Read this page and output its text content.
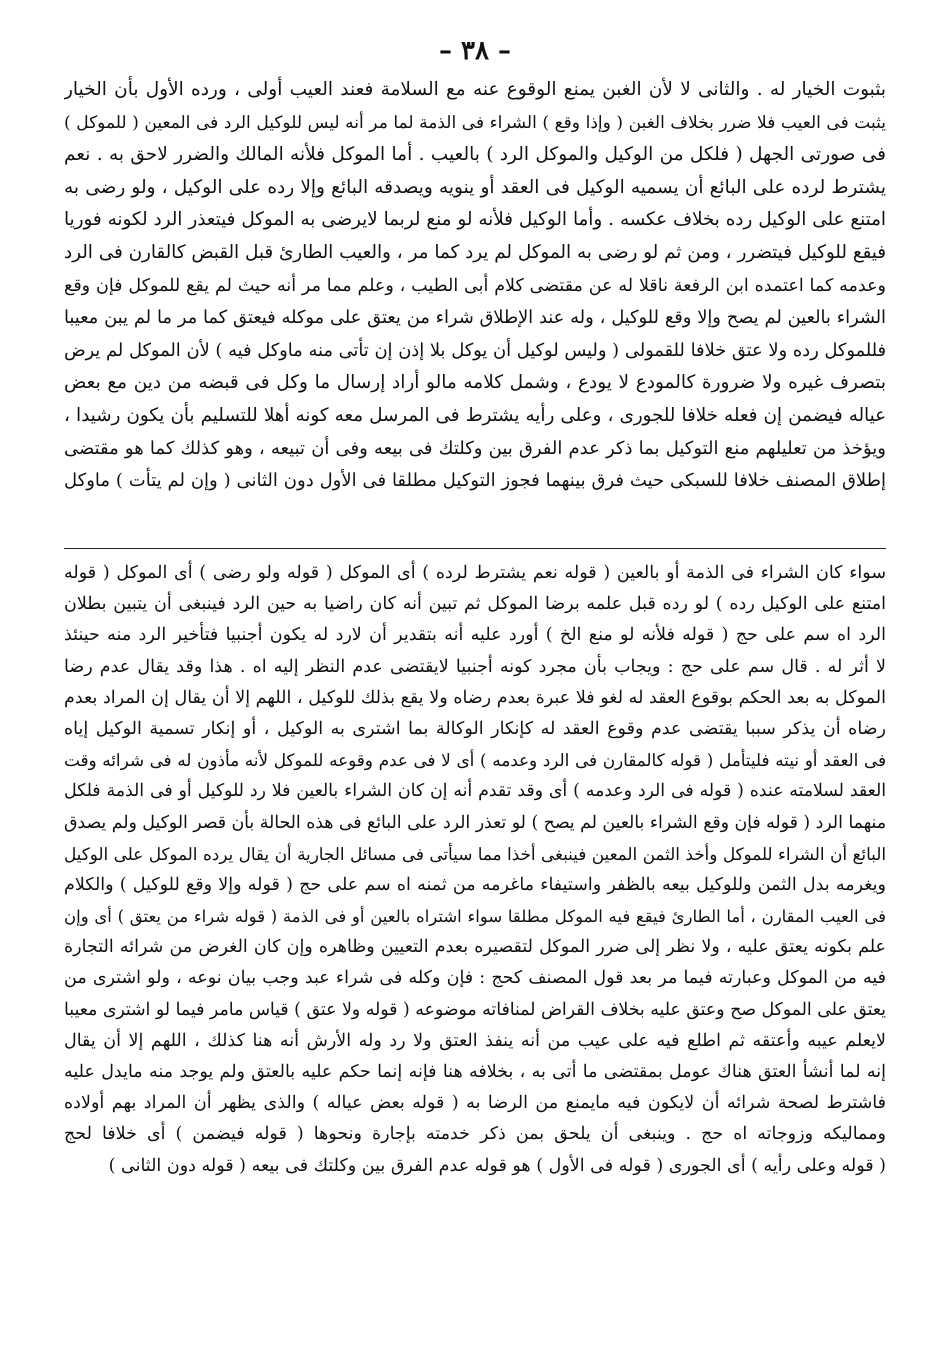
– ٣٨ –
بثبوت الخيار له . والثانى لا لأن الغبن يمنع الوقوع عنه مع السلامة فعند العيب أولى ، ورده الأول بأن الخيار
يثبت فى العيب فلا ضرر بخلاف الغبن ( وإذا وقع ) الشراء فى الذمة لما مر أنه ليس للوكيل الرد فى المعين ( للموكل )
فى صورتى الجهل ( فلكل من الوكيل والموكل الرد ) بالعيب . أما الموكل فلأنه المالك والضرر لاحق به . نعم
يشترط لرده على البائع أن يسميه الوكيل فى العقد أو ينويه ويصدقه البائع وإلا رده على الوكيل ، ولو رضى به
امتنع على الوكيل رده بخلاف عكسه . وأما الوكيل فلأنه لو منع لربما لايرضى به الموكل فيتعذر الرد لكونه فوريا
فيقع للوكيل فيتضرر ، ومن ثم لو رضى به الموكل لم يرد كما مر ، والعيب الطارئ قبل القبض كالقارن فى الرد
وعدمه كما اعتمده ابن الرفعة ناقلا له عن مقتضى كلام أبى الطيب ، وعلم مما مر أنه حيث لم يقع للموكل فإن وقع
الشراء بالعين لم يصح وإلا وقع للوكيل ، وله عند الإطلاق شراء من يعتق على موكله فيعتق كما مر ما لم يبن معيبا
فللموكل رده ولا عتق خلافا للقمولى ( وليس لوكيل أن يوكل بلا إذن إن تأتى منه ماوكل فيه ) لأن الموكل لم يرض
بتصرف غيره ولا ضرورة كالمودع لا يودع ، وشمل كلامه مالو أراد إرسال ما وكل فى قبضه من دين مع بعض
عياله فيضمن إن فعله خلافا للجورى ، وعلى رأيه يشترط فى المرسل معه كونه أهلا للتسليم بأن يكون رشيدا ،
ويؤخذ من تعليلهم منع التوكيل بما ذكر عدم الفرق بين وكلتك فى بيعه وفى أن تبيعه ، وهو كذلك كما هو مقتضى
إطلاق المصنف خلافا للسبكى حيث فرق بينهما فجوز التوكيل مطلقا فى الأول دون الثانى ( وإن لم يتأت ) ماوكل
سواء كان الشراء فى الذمة أو بالعين ( قوله نعم يشترط لرده ) أى الموكل ( قوله ولو رضى ) أى الموكل ( قوله
امتنع على الوكيل رده ) لو رده قبل علمه برضا الموكل ثم تبين أنه كان راضيا به حين الرد فينبغى أن يتبين بطلان
الرد اه سم على حج ( قوله فلأنه لو منع الخ ) أورد عليه أنه بتقدير أن لارد له يكون أجنبيا فتأخير الرد منه حينئذ
لا أثر له . قال سم على حج : ويجاب بأن مجرد كونه أجنبيا لايقتضى عدم النظر إليه اه . هذا وقد يقال عدم رضا
الموكل به بعد الحكم بوقوع العقد له لغو فلا عبرة بعدم رضاه ولا يقع بذلك للوكيل ، اللهم إلا أن يقال إن المراد بعدم
رضاه أن يذكر سببا يقتضى عدم وقوع العقد له كإنكار الوكالة بما اشترى به الوكيل ، أو إنكار تسمية الوكيل إياه
فى العقد أو نيته فليتأمل ( قوله كالمقارن فى الرد وعدمه ) أى لا فى عدم وقوعه للموكل لأنه مأذون له فى شرائه وقت
العقد لسلامته عنده ( قوله فى الرد وعدمه ) أى وقد تقدم أنه إن كان الشراء بالعين فلا رد للوكيل أو فى الذمة فلكل
منهما الرد ( قوله فإن وقع الشراء بالعين لم يصح ) لو تعذر الرد على البائع فى هذه الحالة بأن قصر الوكيل ولم يصدق
البائع أن الشراء للموكل وأخذ الثمن المعين فينبغى أخذا مما سيأتى فى مسائل الجارية أن يقال يرده الموكل على الوكيل
ويغرمه بدل الثمن وللوكيل بيعه بالظفر واستيفاء ماغرمه من ثمنه اه سم على حج ( قوله وإلا وقع للوكيل ) والكلام
فى العيب المقارن ، أما الطارئ فيقع فيه الموكل مطلقا سواء اشتراه بالعين أو فى الذمة ( قوله شراء من يعتق ) أى وإن
علم بكونه يعتق عليه ، ولا نظر إلى ضرر الموكل لتقصيره بعدم التعيين وظاهره وإن كان الغرض من شرائه التجارة
فيه من الموكل وعبارته فيما مر بعد قول المصنف كحج : فإن وكله فى شراء عبد وجب بيان نوعه ، ولو اشترى من
يعتق على الموكل صح وعتق عليه بخلاف القراض لمنافاته موضوعه ( قوله ولا عتق ) قياس مامر فيما لو اشترى معيبا
لايعلم عيبه وأعتقه ثم اطلع فيه على عيب من أنه ينفذ العتق ولا رد وله الأرش أنه هنا كذلك ، اللهم إلا أن يقال
إنه لما أنشأ العتق هناك عومل بمقتضى ما أتى به ، بخلافه هنا فإنه إنما حكم عليه بالعتق ولم يوجد منه مايدل عليه
فاشترط لصحة شرائه أن لايكون فيه مايمنع من الرضا به ( قوله بعض عياله ) والذى يظهر أن المراد بهم أولاده
ومماليكه وزوجاته اه حج . وينبغى أن يلحق بمن ذكر خدمته بإجارة ونحوها ( قوله فيضمن ) أى خلافا لحج
( قوله وعلى رأيه ) أى الجورى ( قوله فى الأول ) هو قوله عدم الفرق بين وكلتك فى بيعه ( قوله دون الثانى )
